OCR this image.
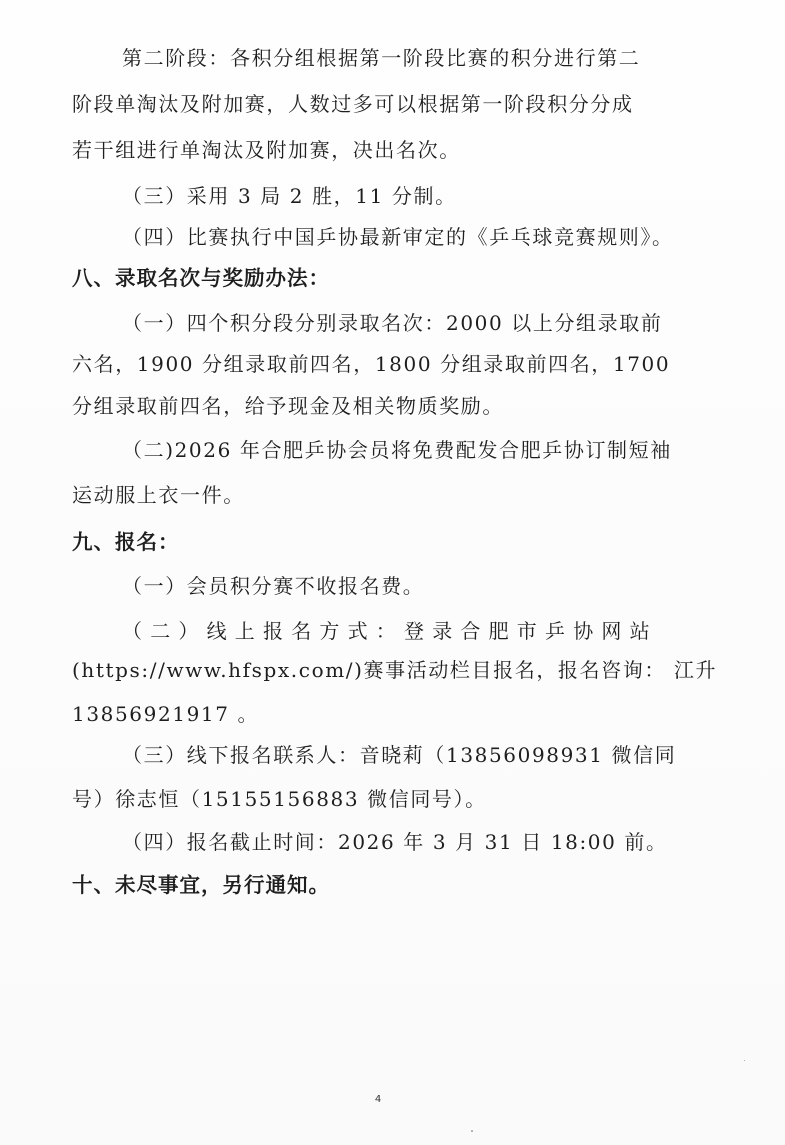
第二阶段：各积分组根据第一阶段比赛的积分进行第二
阶段单淘汰及附加赛，人数过多可以根据第一阶段积分分成
若干组进行单淘汰及附加赛，决出名次。
（三）采用 3 局 2 胜，11 分制。
（四）比赛执行中国乒协最新审定的《乒乓球竞赛规则》。
八、录取名次与奖励办法：
（一）四个积分段分别录取名次：2000 以上分组录取前
六名，1900 分组录取前四名，1800 分组录取前四名，1700
分组录取前四名，给予现金及相关物质奖励。
（二)2026 年合肥乒协会员将免费配发合肥乒协订制短袖
运动服上衣一件。
九、报名：
（一）会员积分赛不收报名费。
（二）线上报名方式：登录合肥市乒协网站
(https://www.hfspx.com/)赛事活动栏目报名，报名咨询： 江升
13856921917 。
（三）线下报名联系人：音晓莉（13856098931 微信同
号）徐志恒（15155156883 微信同号）。
（四）报名截止时间：2026 年 3 月 31 日 18:00 前。
十、未尽事宜，另行通知。
4
